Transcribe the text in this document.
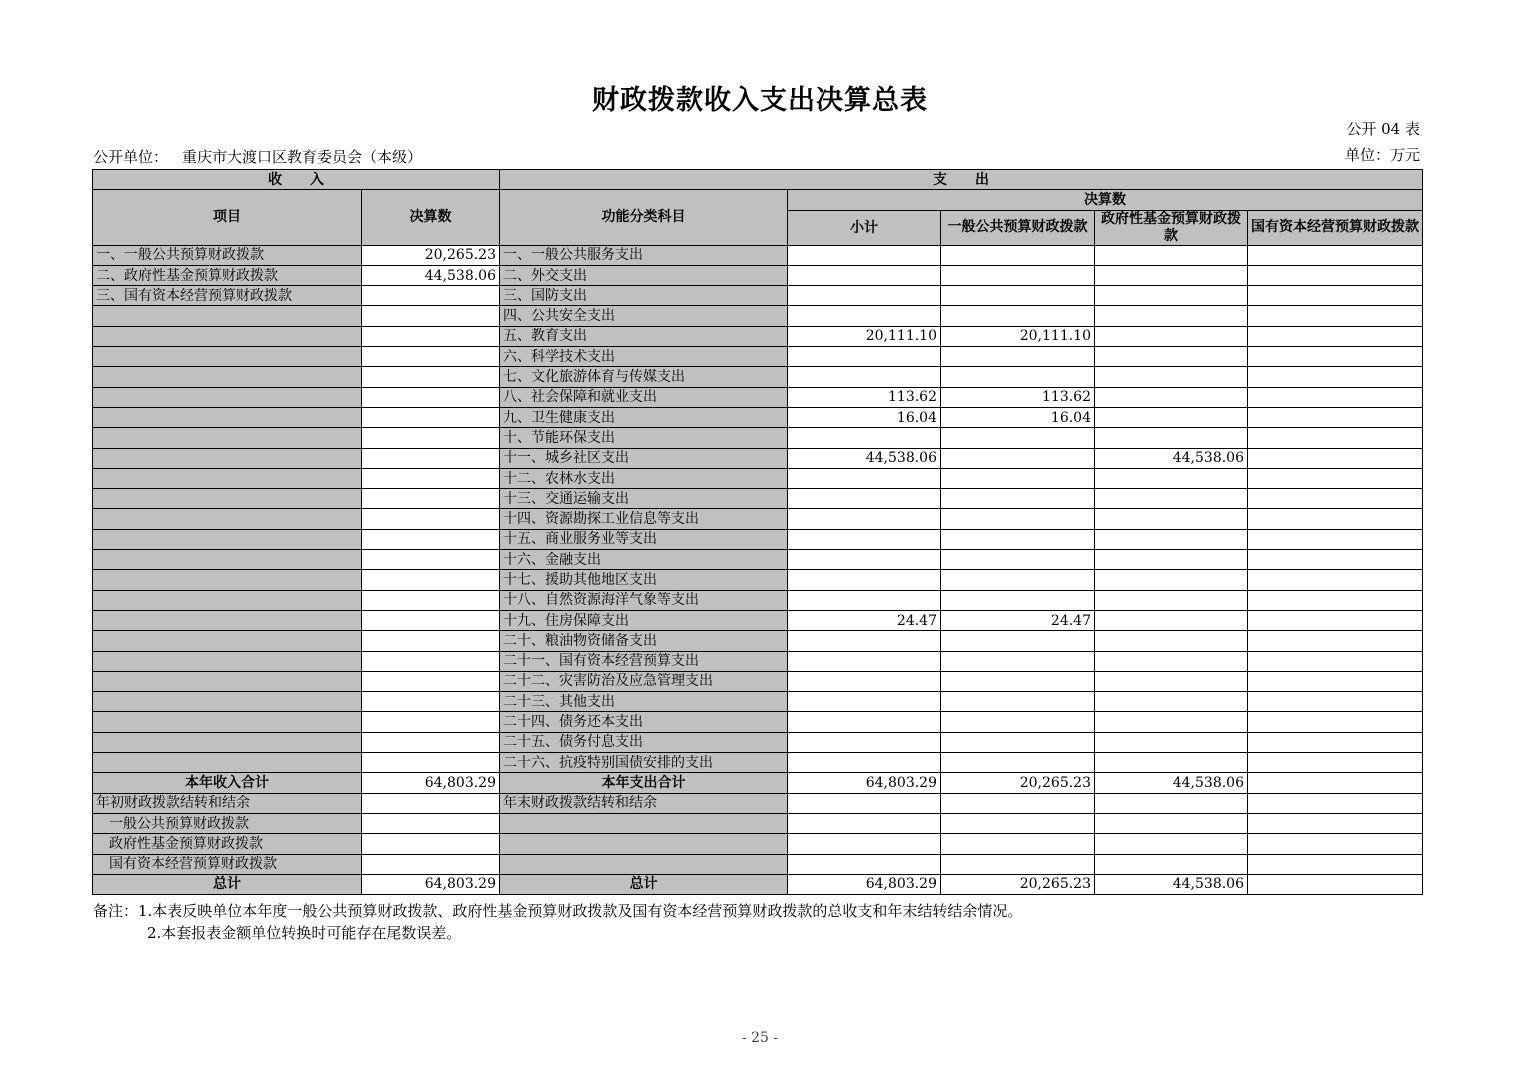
财政拨款收入支出决算总表
公开 04 表
公开单位： 重庆市大渡口区教育委员会（本级）	单位：万元
收　　入		支　　出				
项目	决算数	功能分类科目	决算数			
			小计	一般公共预算财政拨款	政府性基金预算财政拨款	国有资本经营预算财政拨款

一、一般公共预算财政拨款	20,265.23	一、一般公共服务支出				
二、政府性基金预算财政拨款	44,538.06	二、外交支出				
三、国有资本经营预算财政拨款		三、国防支出				
		四、公共安全支出				
		五、教育支出	20,111.10	20,111.10		
		六、科学技术支出				
		七、文化旅游体育与传媒支出				
		八、社会保障和就业支出	113.62	113.62		
		九、卫生健康支出	16.04	16.04		
		十、节能环保支出				
		十一、城乡社区支出	44,538.06		44,538.06	
		十二、农林水支出				
		十三、交通运输支出				
		十四、资源勘探工业信息等支出				
		十五、商业服务业等支出				
		十六、金融支出				
		十七、援助其他地区支出				
		十八、自然资源海洋气象等支出				
		十九、住房保障支出	24.47	24.47		
		二十、粮油物资储备支出				
		二十一、国有资本经营预算支出				
		二十二、灾害防治及应急管理支出				
		二十三、其他支出				
		二十四、债务还本支出				
		二十五、债务付息支出				
		二十六、抗疫特别国债安排的支出				
本年收入合计	64,803.29	本年支出合计	64,803.29	20,265.23	44,538.06	
年初财政拨款结转和结余		年末财政拨款结转和结余				
一般公共预算财政拨款						
政府性基金预算财政拨款						
国有资本经营预算财政拨款						
总计	64,803.29	总计	64,803.29	20,265.23	44,538.06	
备注：1.本表反映单位本年度一般公共预算财政拨款、政府性基金预算财政拨款及国有资本经营预算财政拨款的总收支和年末结转结余情况。
2.本套报表金额单位转换时可能存在尾数误差。
- 25 -
